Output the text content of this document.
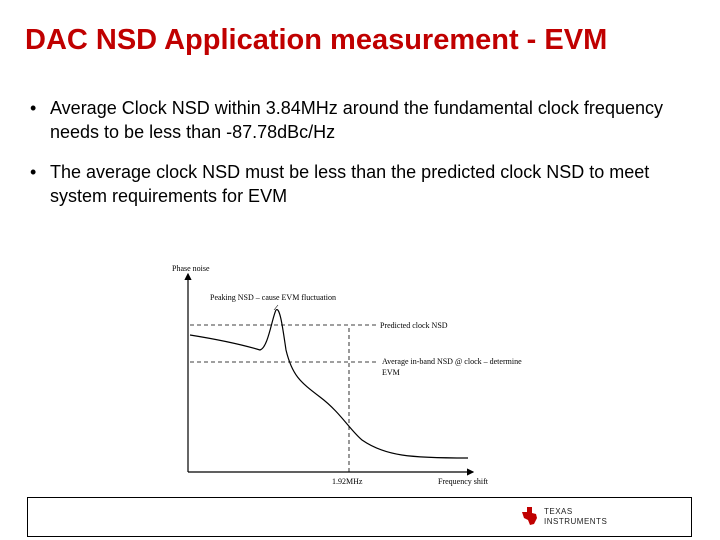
DAC NSD Application measurement - EVM
• Average Clock NSD within 3.84MHz around the fundamental clock frequency needs to be less than -87.78dBc/Hz
• The average clock NSD must be less than the predicted clock NSD to meet system requirements for EVM
Phase noise
Peaking NSD – cause EVM fluctuation
Predicted clock NSD
Average in-band NSD @ clock – determine
EVM
1.92MHz	Frequency shift
TEXAS
INSTRUMENTS
